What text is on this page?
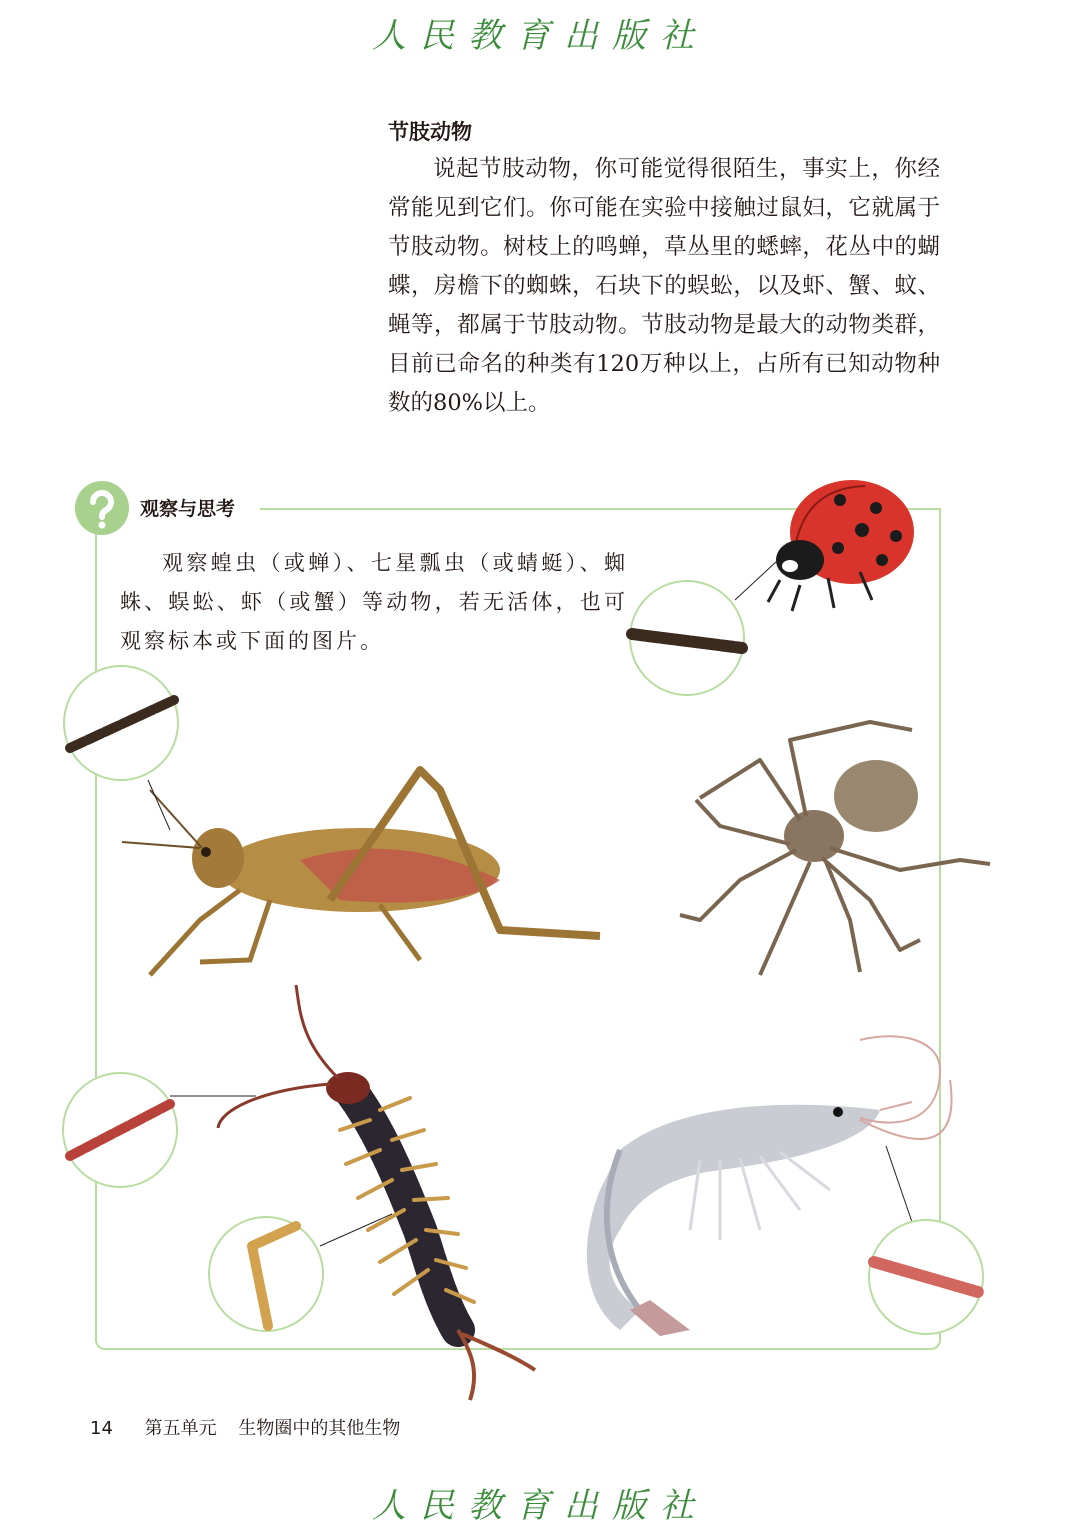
人民教育出版社
节肢动物
说起节肢动物，你可能觉得很陌生，事实上，你经常能见到它们。你可能在实验中接触过鼠妇，它就属于节肢动物。树枝上的鸣蝉，草丛里的蟋蟀，花丛中的蝴蝶，房檐下的蜘蛛，石块下的蜈蚣，以及虾、蟹、蚊、蝇等，都属于节肢动物。节肢动物是最大的动物类群，目前已命名的种类有120万种以上，占所有已知动物种数的80%以上。
观察与思考
观察蝗虫（或蝉）、七星瓢虫（或蜻蜓）、蜘蛛、蜈蚣、虾（或蟹）等动物，若无活体，也可观察标本或下面的图片。
14 第五单元 生物圈中的其他生物
人民教育出版社
